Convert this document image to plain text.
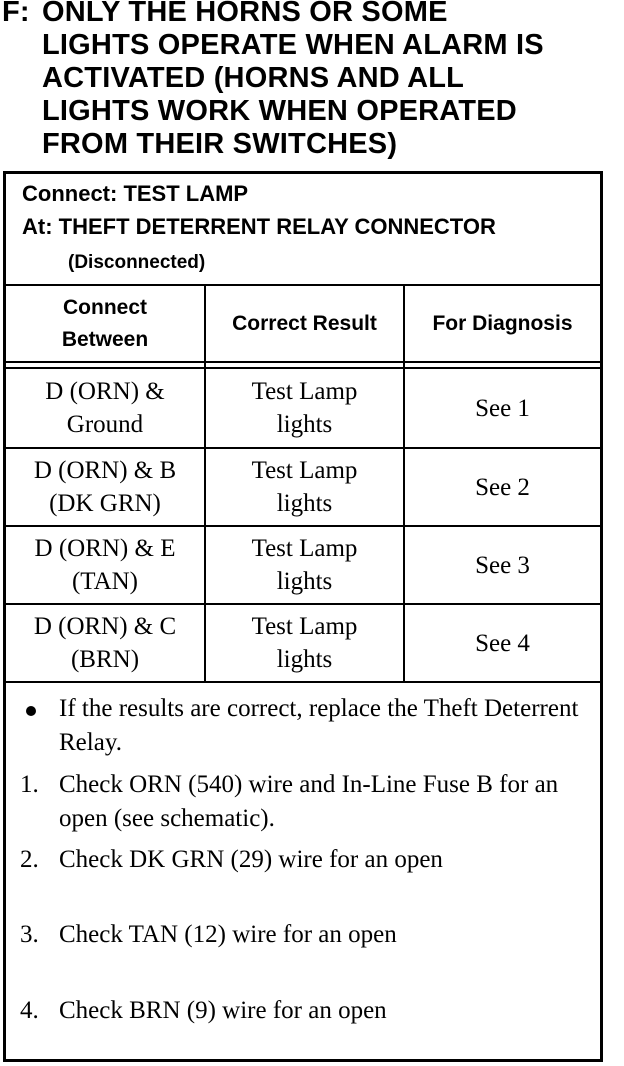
F: ONLY THE HORNS OR SOME
LIGHTS OPERATE WHEN ALARM IS
ACTIVATED (HORNS AND ALL
LIGHTS WORK WHEN OPERATED
FROM THEIR SWITCHES)
Connect: TEST LAMP
At: THEFT DETERRENT RELAY CONNECTOR
(Disconnected)
Connect Between
Correct Result	For Diagnosis
D (ORN) & Ground
Test Lamp lights
See 1
D (ORN) & B (DK GRN)
Test Lamp lights
See 2
D (ORN) & E (TAN)
Test Lamp lights
See 3
D (ORN) & C (BRN)
Test Lamp lights
See 4
If the results are correct, replace the Theft Deterrent Relay.
1. Check ORN (540) wire and In-Line Fuse B for an open (see schematic).
2. Check DK GRN (29) wire for an open
3. Check TAN (12) wire for an open
4. Check BRN (9) wire for an open
